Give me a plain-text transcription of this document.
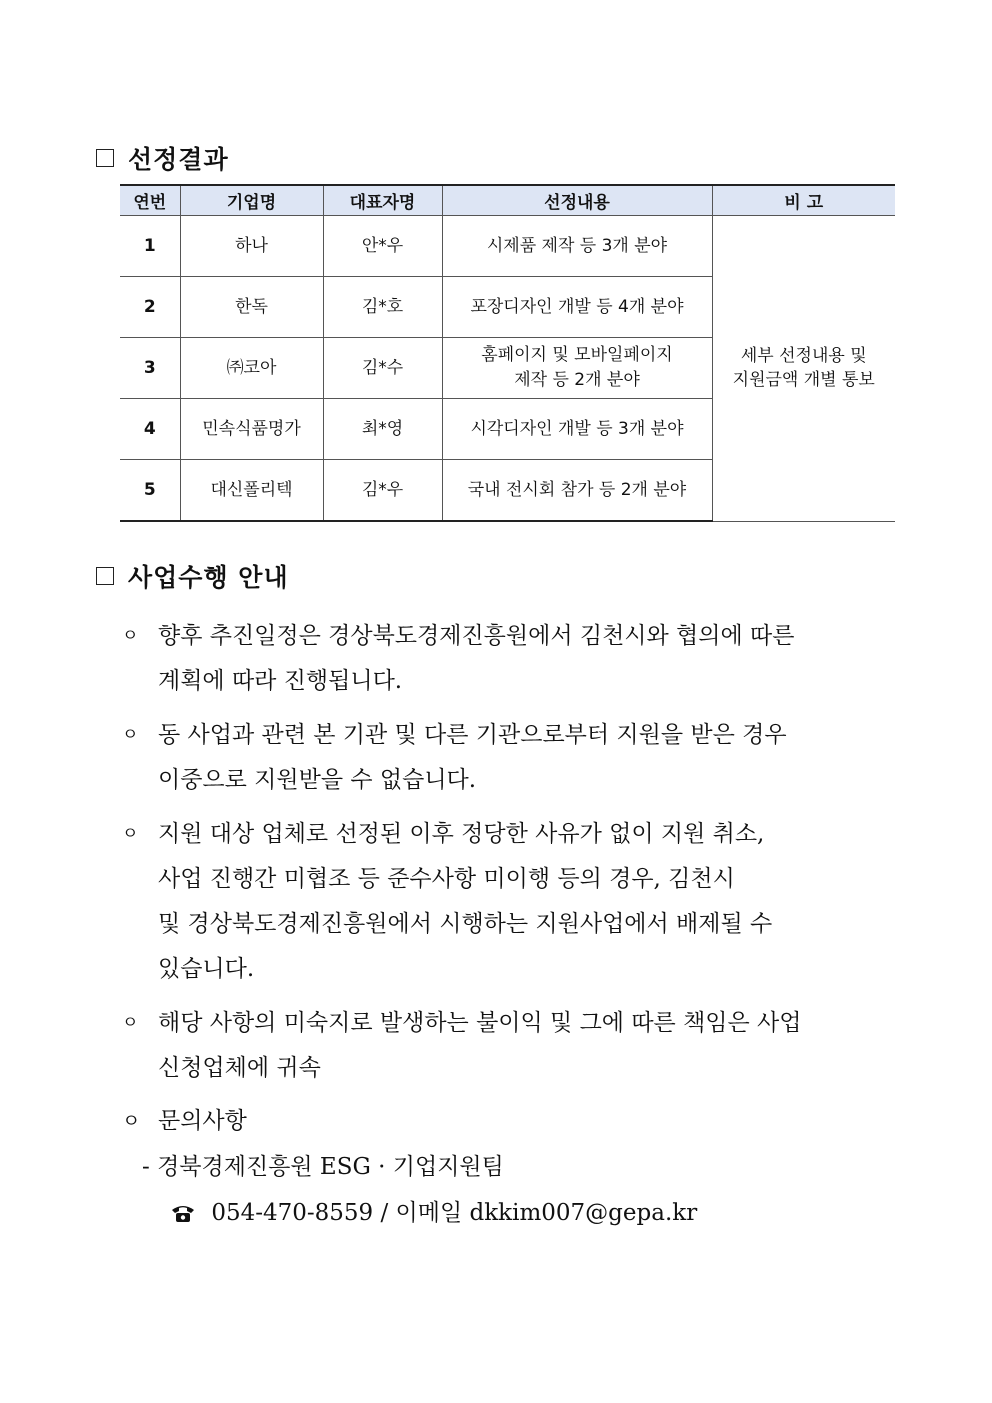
선정결과
연번	기업명	대표자명	선정내용	비 고
1	하나	안*우	시제품 제작 등 3개 분야	세부 선정내용 및
지원금액 개별 통보

2	한독	김*호	포장디자인 개발 등 4개 분야	
3	㈜코아	김*수	홈페이지 및 모바일페이지
제작 등 2개 분야	

4	민속식품명가	최*영	시각디자인 개발 등 3개 분야	
5	대신폴리텍	김*우	국내 전시회 참가 등 2개 분야	
사업수행 안내
ㅇ 향후 추진일정은 경상북도경제진흥원에서 김천시와 협의에 따른
계획에 따라 진행됩니다.
ㅇ 동 사업과 관련 본 기관 및 다른 기관으로부터 지원을 받은 경우
이중으로 지원받을 수 없습니다.
ㅇ 지원 대상 업체로 선정된 이후 정당한 사유가 없이 지원 취소,
사업 진행간 미협조 등 준수사항 미이행 등의 경우, 김천시
및 경상북도경제진흥원에서 시행하는 지원사업에서 배제될 수
있습니다.
ㅇ 해당 사항의 미숙지로 발생하는 불이익 및 그에 따른 책임은 사업
신청업체에 귀속
ㅇ 문의사항
- 경북경제진흥원 ESG · 기업지원팀
054-470-8559 / 이메일 dkkim007@gepa.kr
